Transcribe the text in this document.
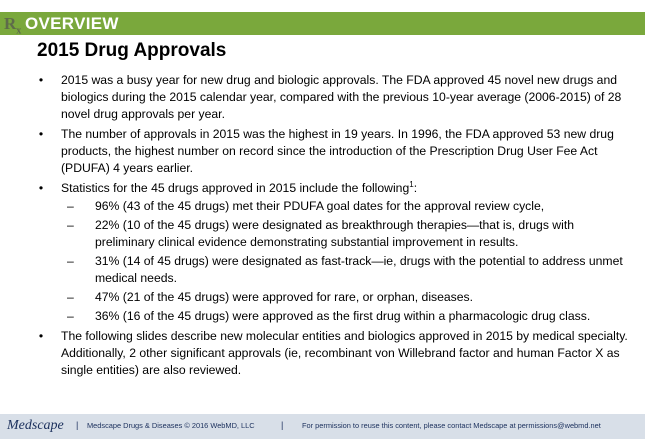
$R_x$ OVERVIEW
2015 Drug Approvals
• 2015 was a busy year for new drug and biologic approvals. The FDA approved 45 novel new drugs and biologics during the 2015 calendar year, compared with the previous 10-year average (2006-2015) of 28 novel drug approvals per year.
• The number of approvals in 2015 was the highest in 19 years. In 1996, the FDA approved 53 new drug products, the highest number on record since the introduction of the Prescription Drug User Fee Act (PDUFA) 4 years earlier.
• Statistics for the 45 drugs approved in 2015 include the following$^1$:
– 96% (43 of the 45 drugs) met their PDUFA goal dates for the approval review cycle,
– 22% (10 of the 45 drugs) were designated as breakthrough therapies—that is, drugs with preliminary clinical evidence demonstrating substantial improvement in results.
– 31% (14 of 45 drugs) were designated as fast-track—ie, drugs with the potential to address unmet medical needs.
– 47% (21 of the 45 drugs) were approved for rare, or orphan, diseases.
– 36% (16 of the 45 drugs) were approved as the first drug within a pharmacologic drug class.
• The following slides describe new molecular entities and biologics approved in 2015 by medical specialty. Additionally, 2 other significant approvals (ie, recombinant von Willebrand factor and human Factor X as single entities) are also reviewed.
Medscape | Medscape Drugs & Diseases © 2016 WebMD, LLC	|	For permission to reuse this content, please contact Medscape at permissions@webmd.net
